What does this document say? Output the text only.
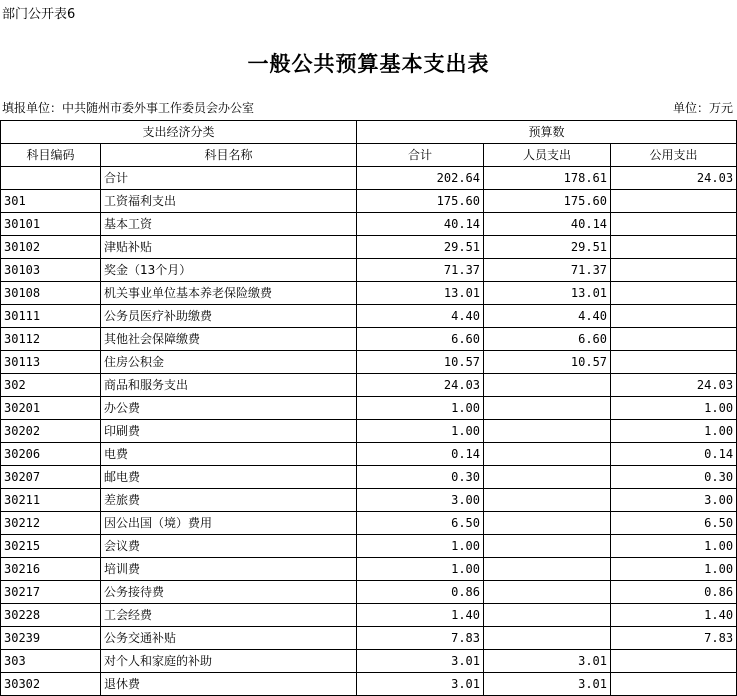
部门公开表6
一般公共预算基本支出表
填报单位：中共随州市委外事工作委员会办公室	单位：万元
支出经济分类		预算数		
科目编码	科目名称	合计	人员支出	公用支出
	合计	202.64	178.61	24.03
301	工资福利支出	175.60	175.60	
30101	基本工资	40.14	40.14	
30102	津贴补贴	29.51	29.51	
30103	奖金（13个月）	71.37	71.37	
30108	机关事业单位基本养老保险缴费	13.01	13.01	
30111	公务员医疗补助缴费	4.40	4.40	
30112	其他社会保障缴费	6.60	6.60	
30113	住房公积金	10.57	10.57	
302	商品和服务支出	24.03		24.03
30201	办公费	1.00		1.00
30202	印刷费	1.00		1.00
30206	电费	0.14		0.14
30207	邮电费	0.30		0.30
30211	差旅费	3.00		3.00
30212	因公出国（境）费用	6.50		6.50
30215	会议费	1.00		1.00
30216	培训费	1.00		1.00
30217	公务接待费	0.86		0.86
30228	工会经费	1.40		1.40
30239	公务交通补贴	7.83		7.83
303	对个人和家庭的补助	3.01	3.01	
30302	退休费	3.01	3.01	
